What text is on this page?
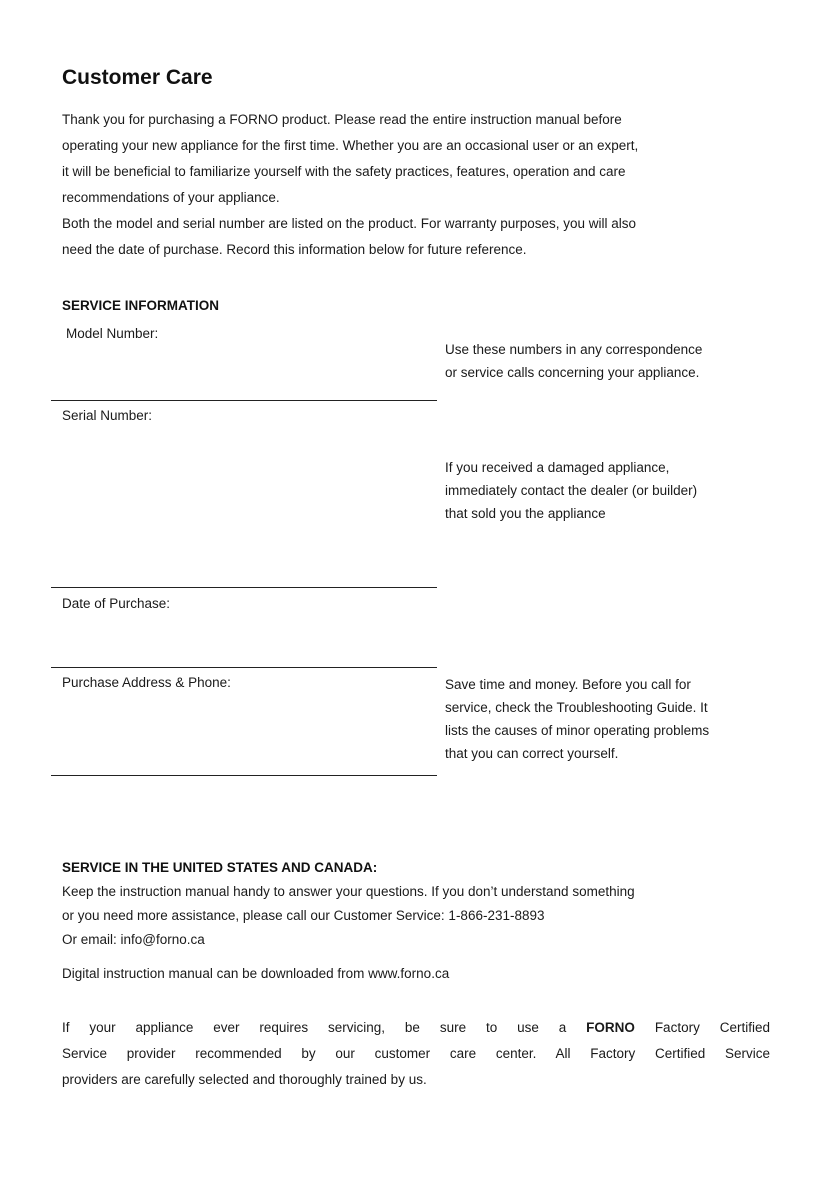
Customer Care
Thank you for purchasing a FORNO product. Please read the entire instruction manual before
operating your new appliance for the first time. Whether you are an occasional user or an expert,
it will be beneficial to familiarize yourself with the safety practices, features, operation and care
recommendations of your appliance.
Both the model and serial number are listed on the product. For warranty purposes, you will also
need the date of purchase. Record this information below for future reference.
SERVICE INFORMATION
Model Number:
Serial Number:
Date of Purchase:
Purchase Address & Phone:
Use these numbers in any correspondence
or service calls concerning your appliance.
If you received a damaged appliance,
immediately contact the dealer (or builder)
that sold you the appliance
Save time and money. Before you call for
service, check the Troubleshooting Guide. It
lists the causes of minor operating problems
that you can correct yourself.
SERVICE IN THE UNITED STATES AND CANADA:
Keep the instruction manual handy to answer your questions. If you don’t understand something
or you need more assistance, please call our Customer Service: 1-866-231-8893
Or email: info@forno.ca
Digital instruction manual can be downloaded from www.forno.ca
If your appliance ever requires servicing, be sure to use a FORNO Factory Certified
Service provider recommended by our customer care center. All Factory Certified Service
providers are carefully selected and thoroughly trained by us.
